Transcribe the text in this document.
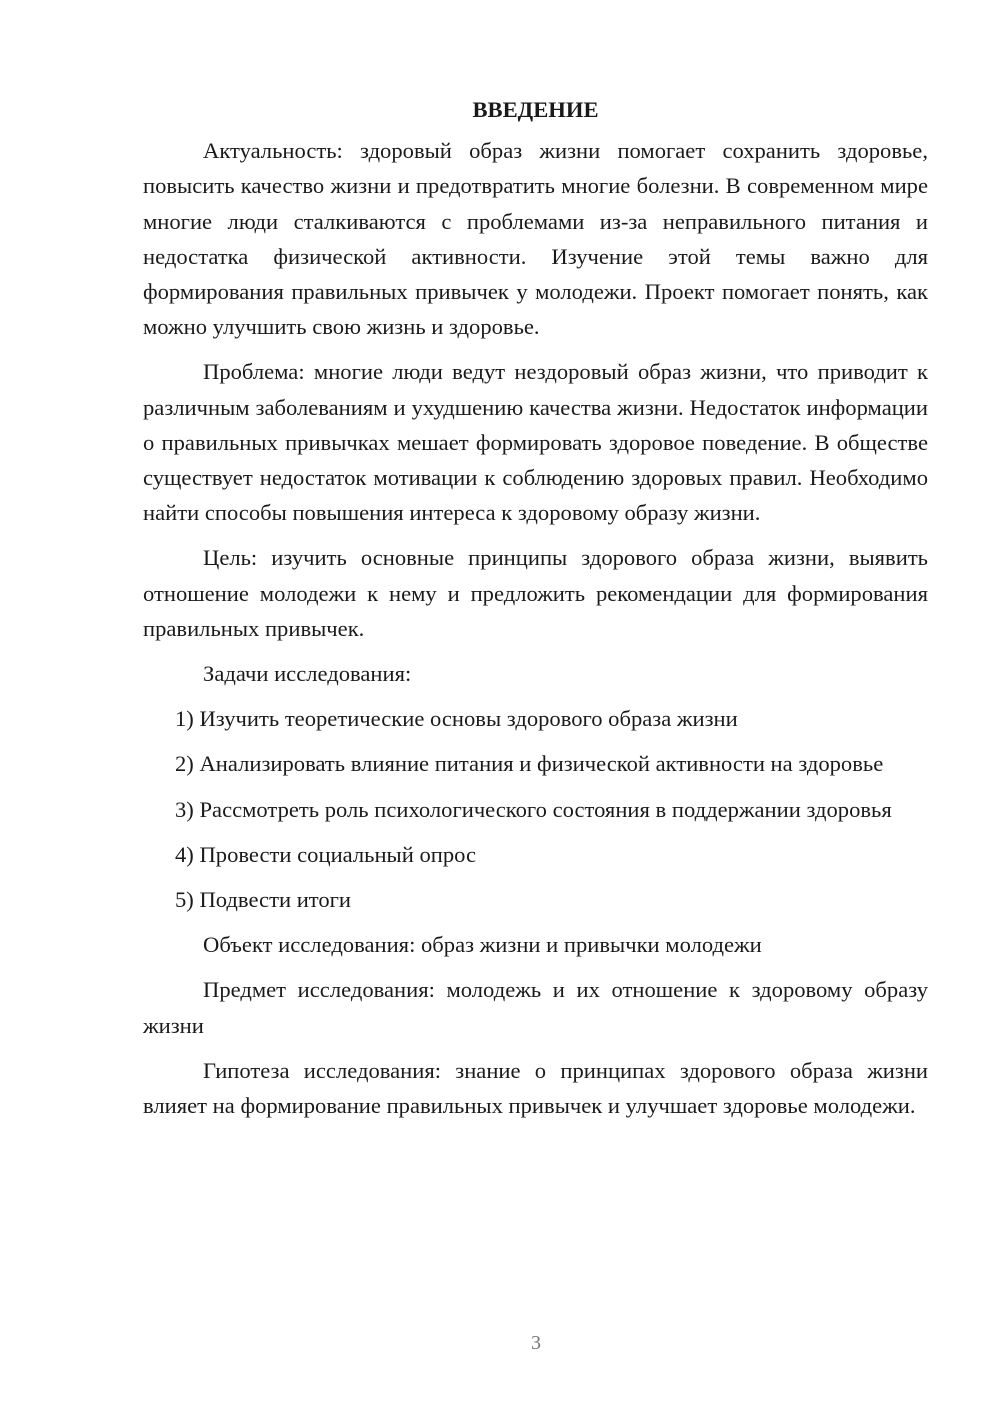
ВВЕДЕНИЕ

Актуальность: здоровый образ жизни помогает сохранить здоровье, повысить качество жизни и предотвратить многие болезни. В современном мире многие люди сталкиваются с проблемами из-за неправильного питания и недостатка физической активности. Изучение этой темы важно для формирования правильных привычек у молодежи. Проект помогает понять, как можно улучшить свою жизнь и здоровье.

Проблема: многие люди ведут нездоровый образ жизни, что приводит к различным заболеваниям и ухудшению качества жизни. Недостаток информации о правильных привычках мешает формировать здоровое поведение. В обществе существует недостаток мотивации к соблюдению здоровых правил. Необходимо найти способы повышения интереса к здоровому образу жизни.

Цель: изучить основные принципы здорового образа жизни, выявить отношение молодежи к нему и предложить рекомендации для формирования правильных привычек.

Задачи исследования:

1) Изучить теоретические основы здорового образа жизни

2) Анализировать влияние питания и физической активности на здоровье

3) Рассмотреть роль психологического состояния в поддержании здоровья

4) Провести социальный опрос

5) Подвести итоги

Объект исследования: образ жизни и привычки молодежи

Предмет исследования: молодежь и их отношение к здоровому образу жизни

Гипотеза исследования: знание о принципах здорового образа жизни влияет на формирование правильных привычек и улучшает здоровье молодежи.

3
